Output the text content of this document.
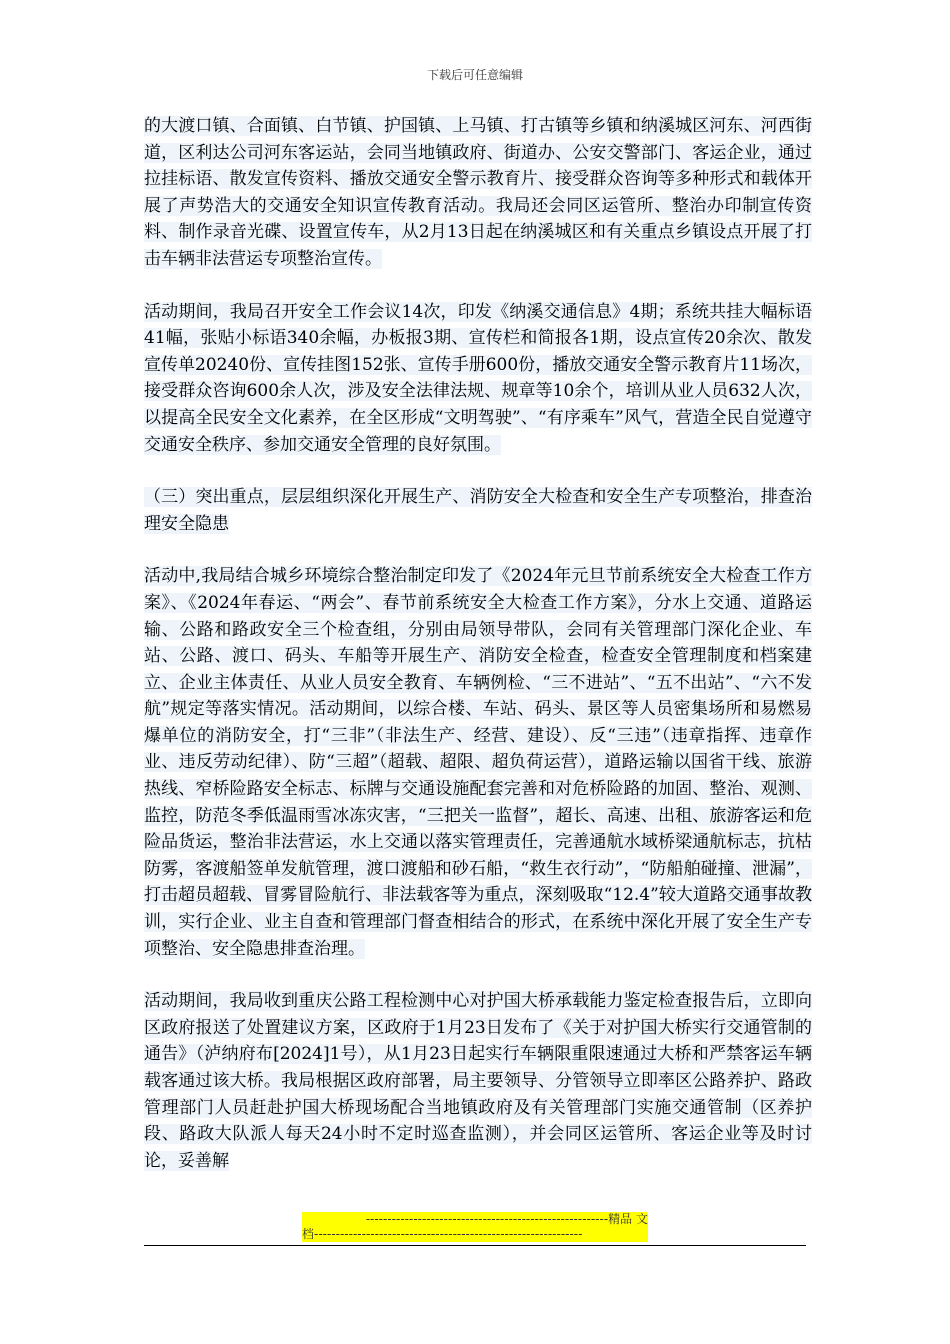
下载后可任意编辑

的大渡口镇、合面镇、白节镇、护国镇、上马镇、打古镇等乡镇和纳溪城区河东、河西街道，区利达公司河东客运站，会同当地镇政府、街道办、公安交警部门、客运企业，通过拉挂标语、散发宣传资料、播放交通安全警示教育片、接受群众咨询等多种形式和载体开展了声势浩大的交通安全知识宣传教育活动。我局还会同区运管所、整治办印制宣传资料、制作录音光碟、设置宣传车，从2月13日起在纳溪城区和有关重点乡镇设点开展了打击车辆非法营运专项整治宣传。

活动期间，我局召开安全工作会议14次，印发《纳溪交通信息》4期；系统共挂大幅标语41幅，张贴小标语340余幅，办板报3期、宣传栏和简报各1期，设点宣传20余次、散发宣传单20240份、宣传挂图152张、宣传手册600份，播放交通安全警示教育片11场次，接受群众咨询600余人次，涉及安全法律法规、规章等10余个，培训从业人员632人次，以提高全民安全文化素养，在全区形成“文明驾驶”、“有序乘车”风气，营造全民自觉遵守交通安全秩序、参加交通安全管理的良好氛围。

（三）突出重点，层层组织深化开展生产、消防安全大检查和安全生产专项整治，排查治理安全隐患

活动中,我局结合城乡环境综合整治制定印发了《2024年元旦节前系统安全大检查工作方案》、《2024年春运、“两会”、春节前系统安全大检查工作方案》，分水上交通、道路运输、公路和路政安全三个检查组，分别由局领导带队，会同有关管理部门深化企业、车站、公路、渡口、码头、车船等开展生产、消防安全检查，检查安全管理制度和档案建立、企业主体责任、从业人员安全教育、车辆例检、“三不进站”、“五不出站”、“六不发航”规定等落实情况。活动期间，以综合楼、车站、码头、景区等人员密集场所和易燃易爆单位的消防安全，打“三非”（非法生产、经营、建设）、反“三违”（违章指挥、违章作业、违反劳动纪律）、防“三超”（超载、超限、超负荷运营），道路运输以国省干线、旅游热线、窄桥险路安全标志、标牌与交通设施配套完善和对危桥险路的加固、整治、观测、监控，防范冬季低温雨雪冰冻灾害，“三把关一监督”，超长、高速、出租、旅游客运和危险品货运，整治非法营运，水上交通以落实管理责任，完善通航水域桥梁通航标志，抗枯防雾，客渡船签单发航管理，渡口渡船和砂石船，“救生衣行动”，“防船舶碰撞、泄漏”，打击超员超载、冒雾冒险航行、非法载客等为重点，深刻吸取“12.4”较大道路交通事故教训，实行企业、业主自查和管理部门督查相结合的形式，在系统中深化开展了安全生产专项整治、安全隐患排查治理。

活动期间，我局收到重庆公路工程检测中心对护国大桥承载能力鉴定检查报告后，立即向区政府报送了处置建议方案，区政府于1月23日发布了《关于对护国大桥实行交通管制的通告》（泸纳府布[2024]1号），从1月23日起实行车辆限重限速通过大桥和严禁客运车辆载客通过该大桥。我局根据区政府部署，局主要领导、分管领导立即率区公路养护、路政管理部门人员赶赴护国大桥现场配合当地镇政府及有关管理部门实施交通管制（区养护段、路政大队派人每天24小时不定时巡查监测），并会同区运管所、客运企业等及时讨论，妥善解

--------------------------------------------------------精品 文
档--------------------------------------------------------------
